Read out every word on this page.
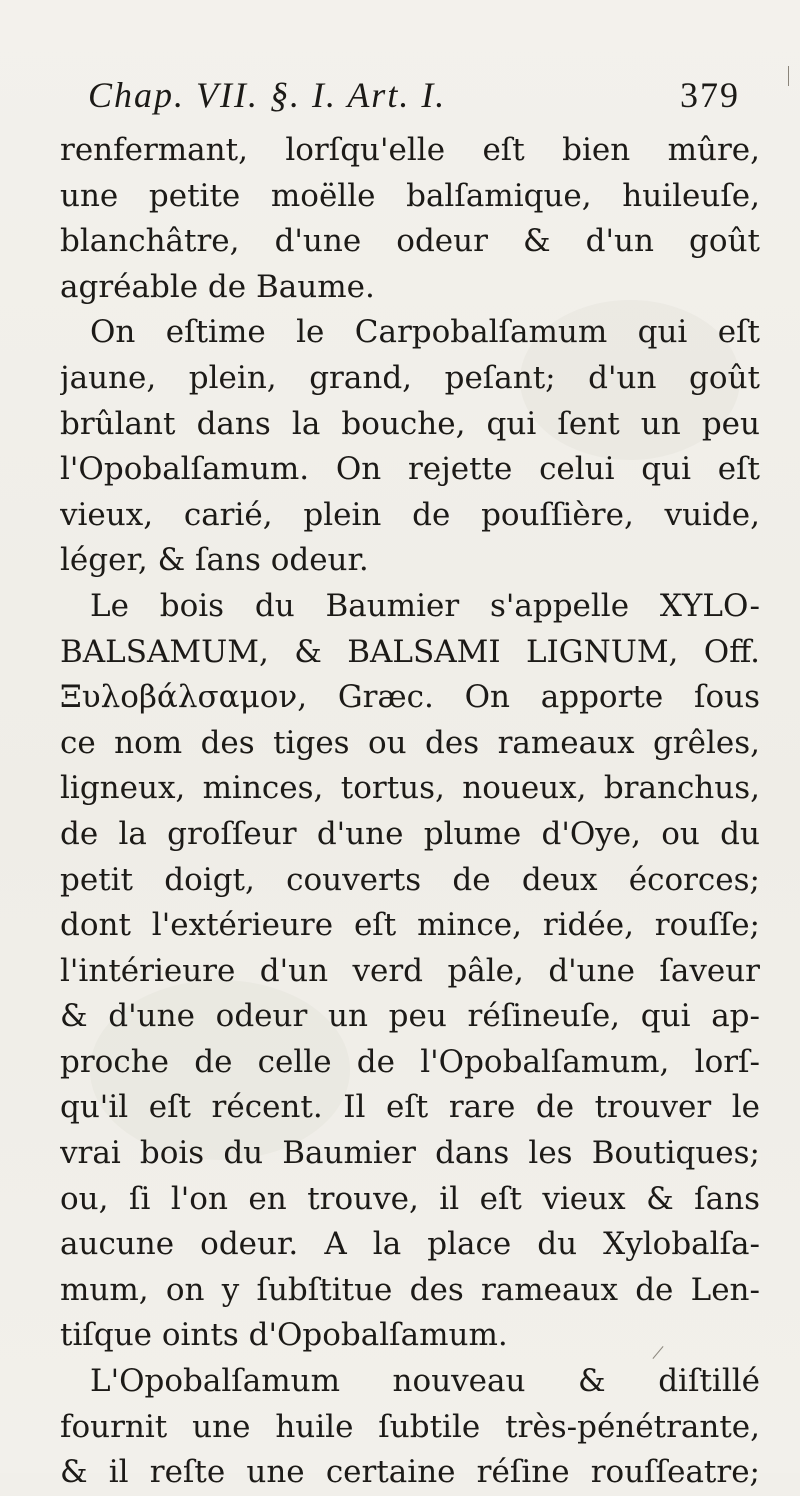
Chap. VII. §. I. Art. I.	379
renfermant, lorſqu'elle eſt bien mûre,
une petite moëlle balſamique, huileuſe,
blanchâtre, d'une odeur & d'un goût
agréable de Baume.
On eſtime le Carpobalſamum qui eſt
jaune, plein, grand, peſant; d'un goût
brûlant dans la bouche, qui ſent un peu
l'Opobalſamum. On rejette celui qui eſt
vieux, carié, plein de pouſſière, vuide,
léger, & ſans odeur.
Le bois du Baumier s'appelle XYLO-
BALSAMUM, & BALSAMI LIGNUM, Off.
Ξυλοβάλσαμον, Græc. On apporte ſous
ce nom des tiges ou des rameaux grêles,
ligneux, minces, tortus, noueux, branchus,
de la groſſeur d'une plume d'Oye, ou du
petit doigt, couverts de deux écorces;
dont l'extérieure eſt mince, ridée, rouſſe;
l'intérieure d'un verd pâle, d'une ſaveur
& d'une odeur un peu réſineuſe, qui ap-
proche de celle de l'Opobalſamum, lorſ-
qu'il eſt récent. Il eſt rare de trouver le
vrai bois du Baumier dans les Boutiques;
ou, ſi l'on en trouve, il eſt vieux & ſans
aucune odeur. A la place du Xylobalſa-
mum, on y ſubſtitue des rameaux de Len-
tiſque oints d'Opobalſamum.
L'Opobalſamum nouveau & diſtillé
fournit une huile ſubtile très-pénétrante,
& il reſte une certaine réſine rouſſeatre;
